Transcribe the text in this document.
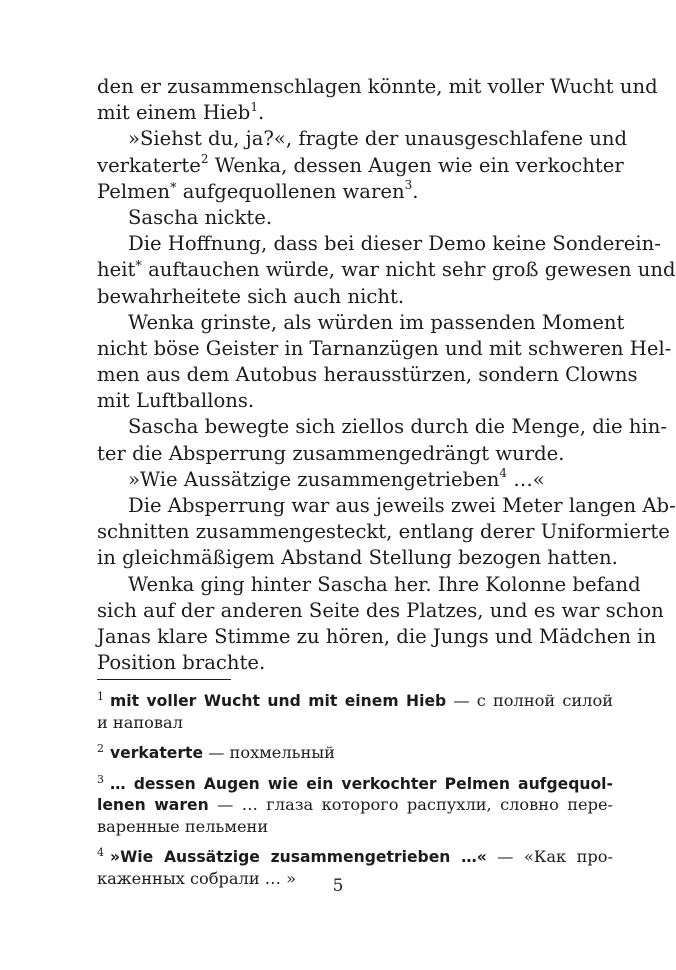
den er zusammenschlagen könnte, mit voller Wucht und
mit einem Hieb$^1$.
»Siehst du, ja?«, fragte der unausgeschlafene und
verkaterte$^2$ Wenka, dessen Augen wie ein verkochter
Pelmen* aufgequollenen waren$^3$.
Sascha nickte.
Die Hoffnung, dass bei dieser Demo keine Sonderein-
heit* auftauchen würde, war nicht sehr groß gewesen und
bewahrheitete sich auch nicht.
Wenka grinste, als würden im passenden Moment
nicht böse Geister in Tarnanzügen und mit schweren Hel-
men aus dem Autobus herausstürzen, sondern Clowns
mit Luftballons.
Sascha bewegte sich ziellos durch die Menge, die hin-
ter die Absperrung zusammengedrängt wurde.
»Wie Aussätzige zusammengetrieben$^4$ …«
Die Absperrung war aus jeweils zwei Meter langen Ab-
schnitten zusammengesteckt, entlang derer Uniformierte
in gleichmäßigem Abstand Stellung bezogen hatten.
Wenka ging hinter Sascha her. Ihre Kolonne befand
sich auf der anderen Seite des Platzes, und es war schon
Janas klare Stimme zu hören, die Jungs und Mädchen in
Position brachte.
$^1$ mit voller Wucht und mit einem Hieb — с полной силой
и наповал
$^2$ verkaterte — похмельный
$^3$ … dessen Augen wie ein verkochter Pelmen aufgequol-
lenen waren — … глаза которого распухли, словно пере-
варенные пельмени
$^4$ »Wie Aussätzige zusammengetrieben …« — «Как про-
каженных собрали … »	5
